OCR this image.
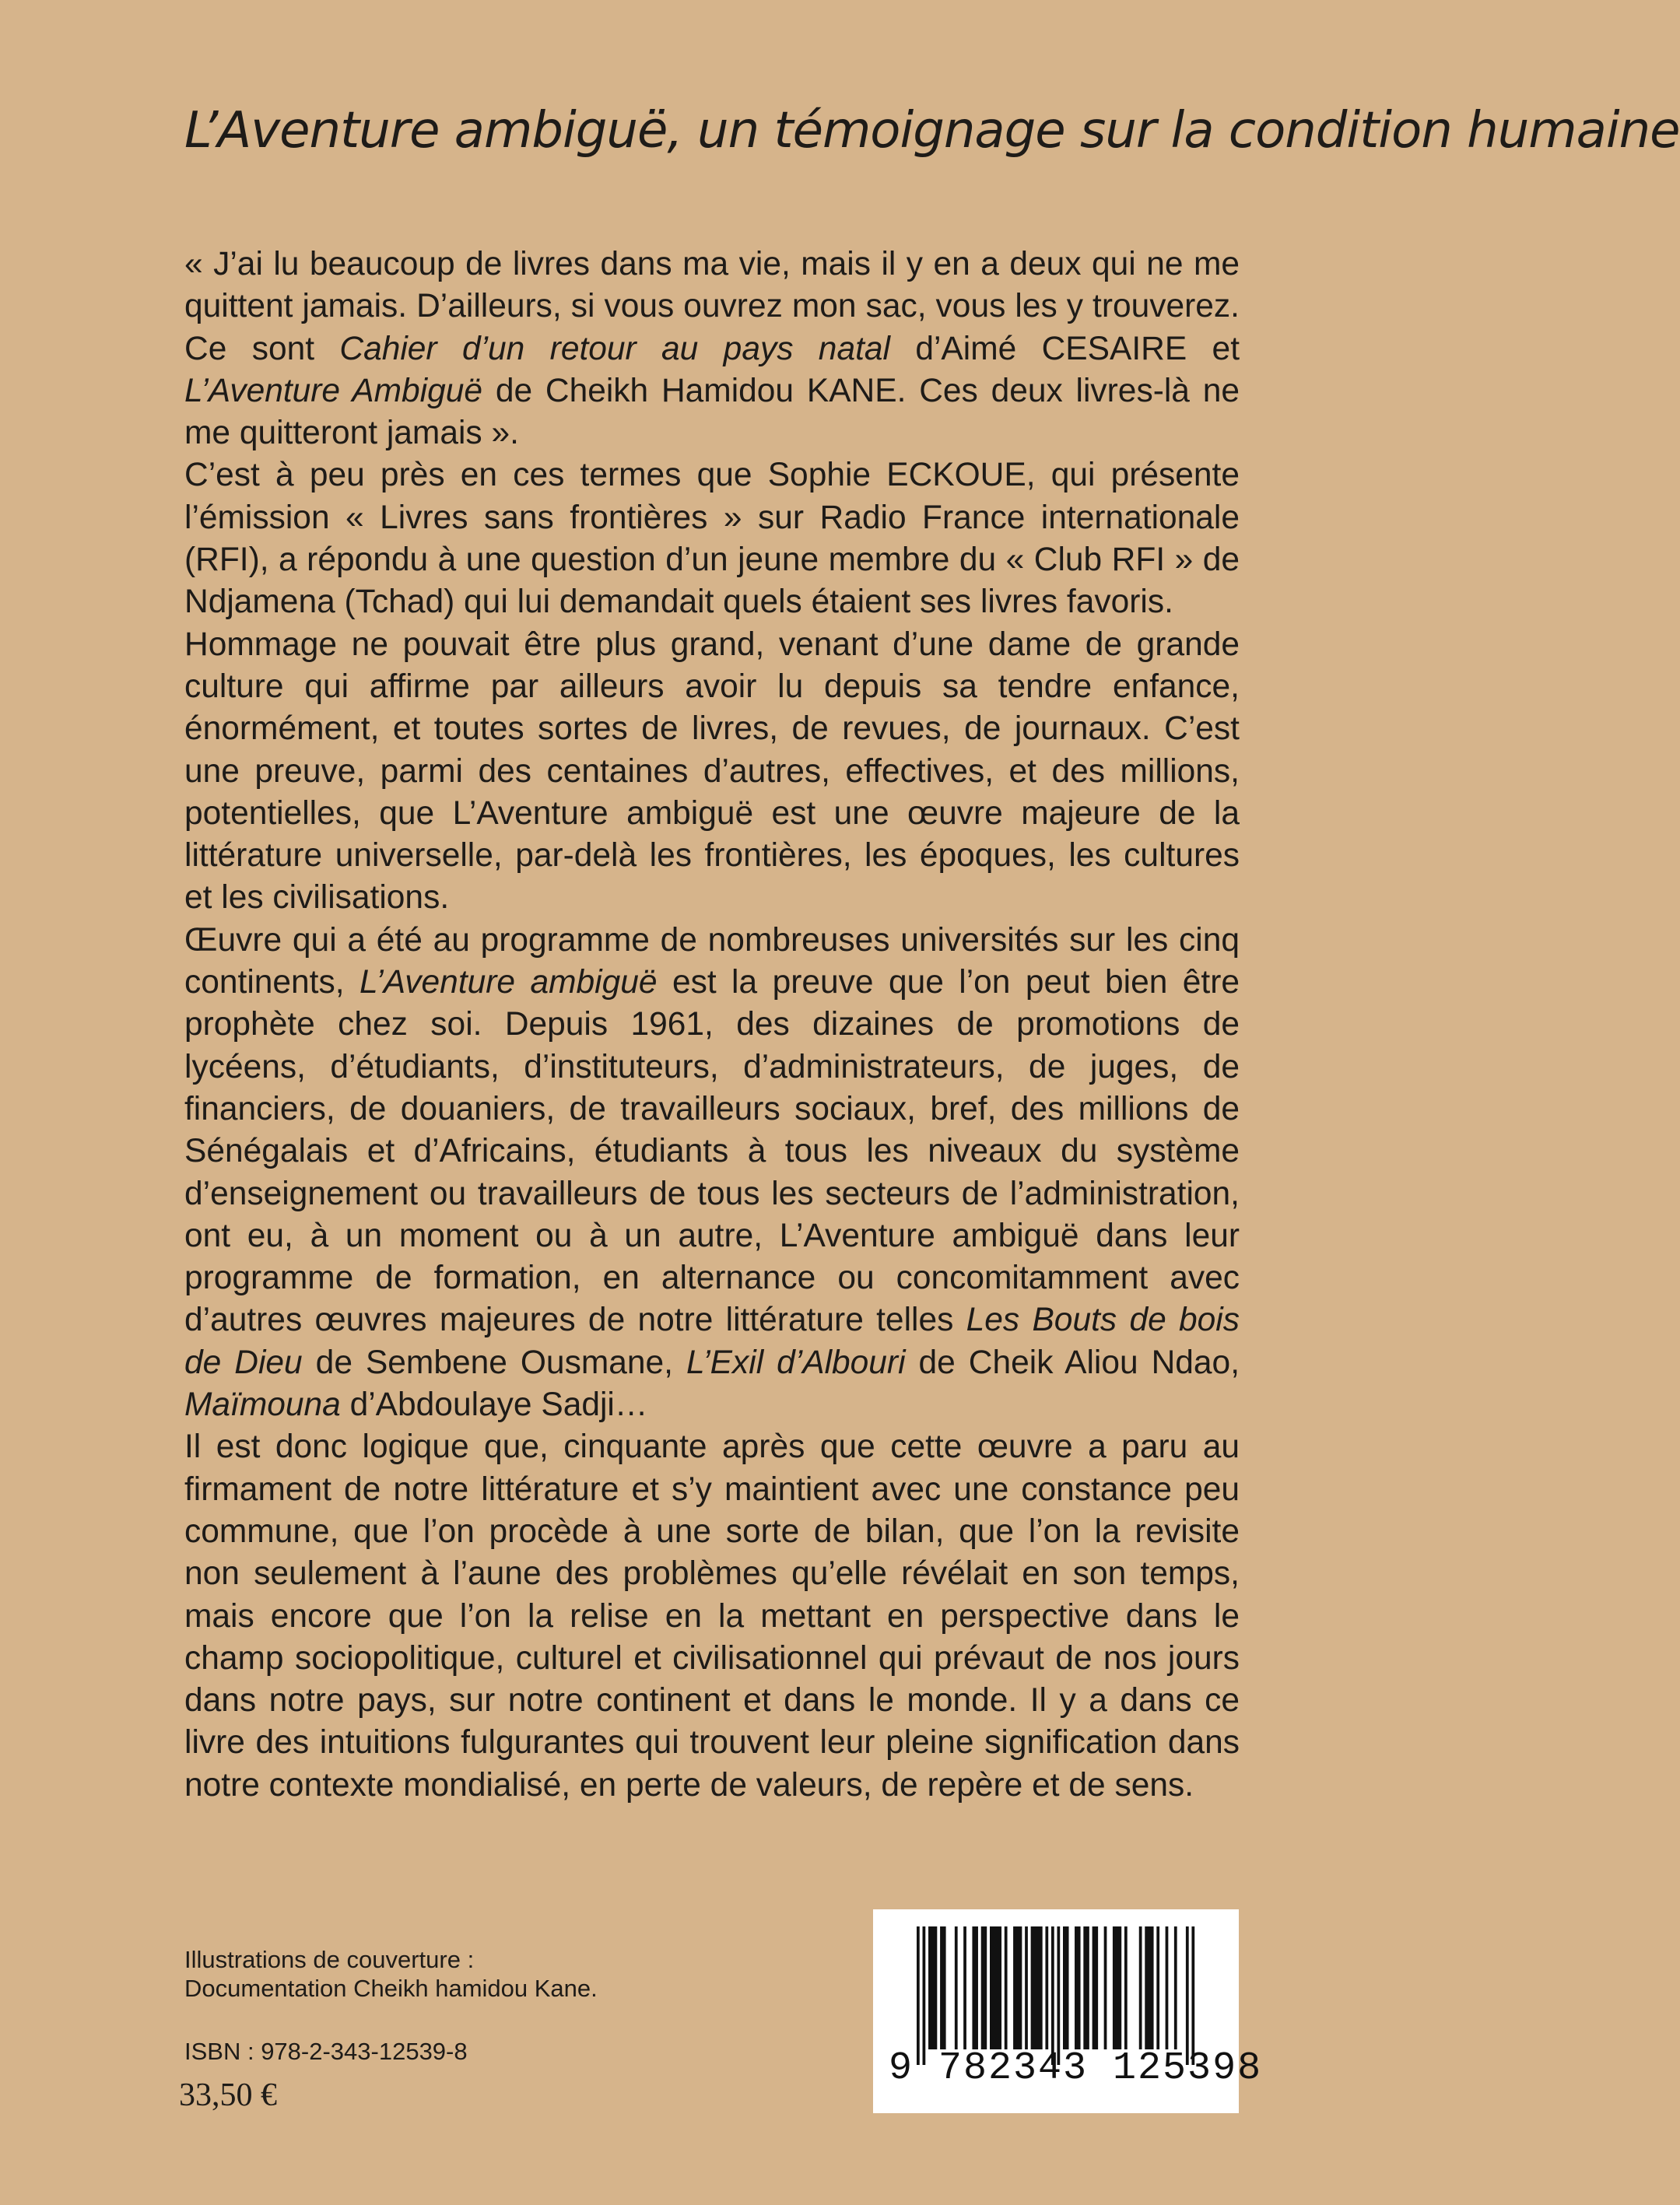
L’Aventure ambiguë, un témoignage sur la condition humaine

« J’ai lu beaucoup de livres dans ma vie, mais il y en a deux qui ne me quittent jamais. D’ailleurs, si vous ouvrez mon sac, vous les y trouverez. Ce sont Cahier d’un retour au pays natal d’Aimé CESAIRE et L’Aventure Ambiguë de Cheikh Hamidou KANE. Ces deux livres-là ne me quitteront jamais ».

C’est à peu près en ces termes que Sophie ECKOUE, qui présente l’émission « Livres sans frontières » sur Radio France internationale (RFI), a répondu à une question d’un jeune membre du « Club RFI » de Ndjamena (Tchad) qui lui demandait quels étaient ses livres favoris.

Hommage ne pouvait être plus grand, venant d’une dame de grande culture qui affirme par ailleurs avoir lu depuis sa tendre enfance, énormément, et toutes sortes de livres, de revues, de journaux. C’est une preuve, parmi des centaines d’autres, effectives, et des millions, potentielles, que L’Aventure ambiguë est une œuvre majeure de la littérature universelle, par-delà les frontières, les époques, les cultures et les civilisations.

Œuvre qui a été au programme de nombreuses universités sur les cinq continents, L’Aventure ambiguë est la preuve que l’on peut bien être prophète chez soi. Depuis 1961, des dizaines de promotions de lycéens, d’étudiants, d’instituteurs, d’administrateurs, de juges, de financiers, de douaniers, de travailleurs sociaux, bref, des millions de Sénégalais et d’Africains, étudiants à tous les niveaux du système d’enseignement ou travailleurs de tous les secteurs de l’administration, ont eu, à un moment ou à un autre, L’Aventure ambiguë dans leur programme de formation, en alternance ou concomitamment avec d’autres œuvres majeures de notre littérature telles Les Bouts de bois de Dieu de Sembene Ousmane, L’Exil d’Albouri de Cheik Aliou Ndao, Maïmouna d’Abdoulaye Sadji…

Il est donc logique que, cinquante après que cette œuvre a paru au firmament de notre littérature et s’y maintient avec une constance peu commune, que l’on procède à une sorte de bilan, que l’on la revisite non seulement à l’aune des problèmes qu’elle révélait en son temps, mais encore que l’on la relise en la mettant en perspective dans le champ sociopolitique, culturel et civilisationnel qui prévaut de nos jours dans notre pays, sur notre continent et dans le monde. Il y a dans ce livre des intuitions fulgurantes qui trouvent leur pleine signification dans notre contexte mondialisé, en perte de valeurs, de repère et de sens.

Illustrations de couverture :
Documentation Cheikh hamidou Kane.
ISBN : 978-2-343-12539-8
33,50 €
9 782343 125398
